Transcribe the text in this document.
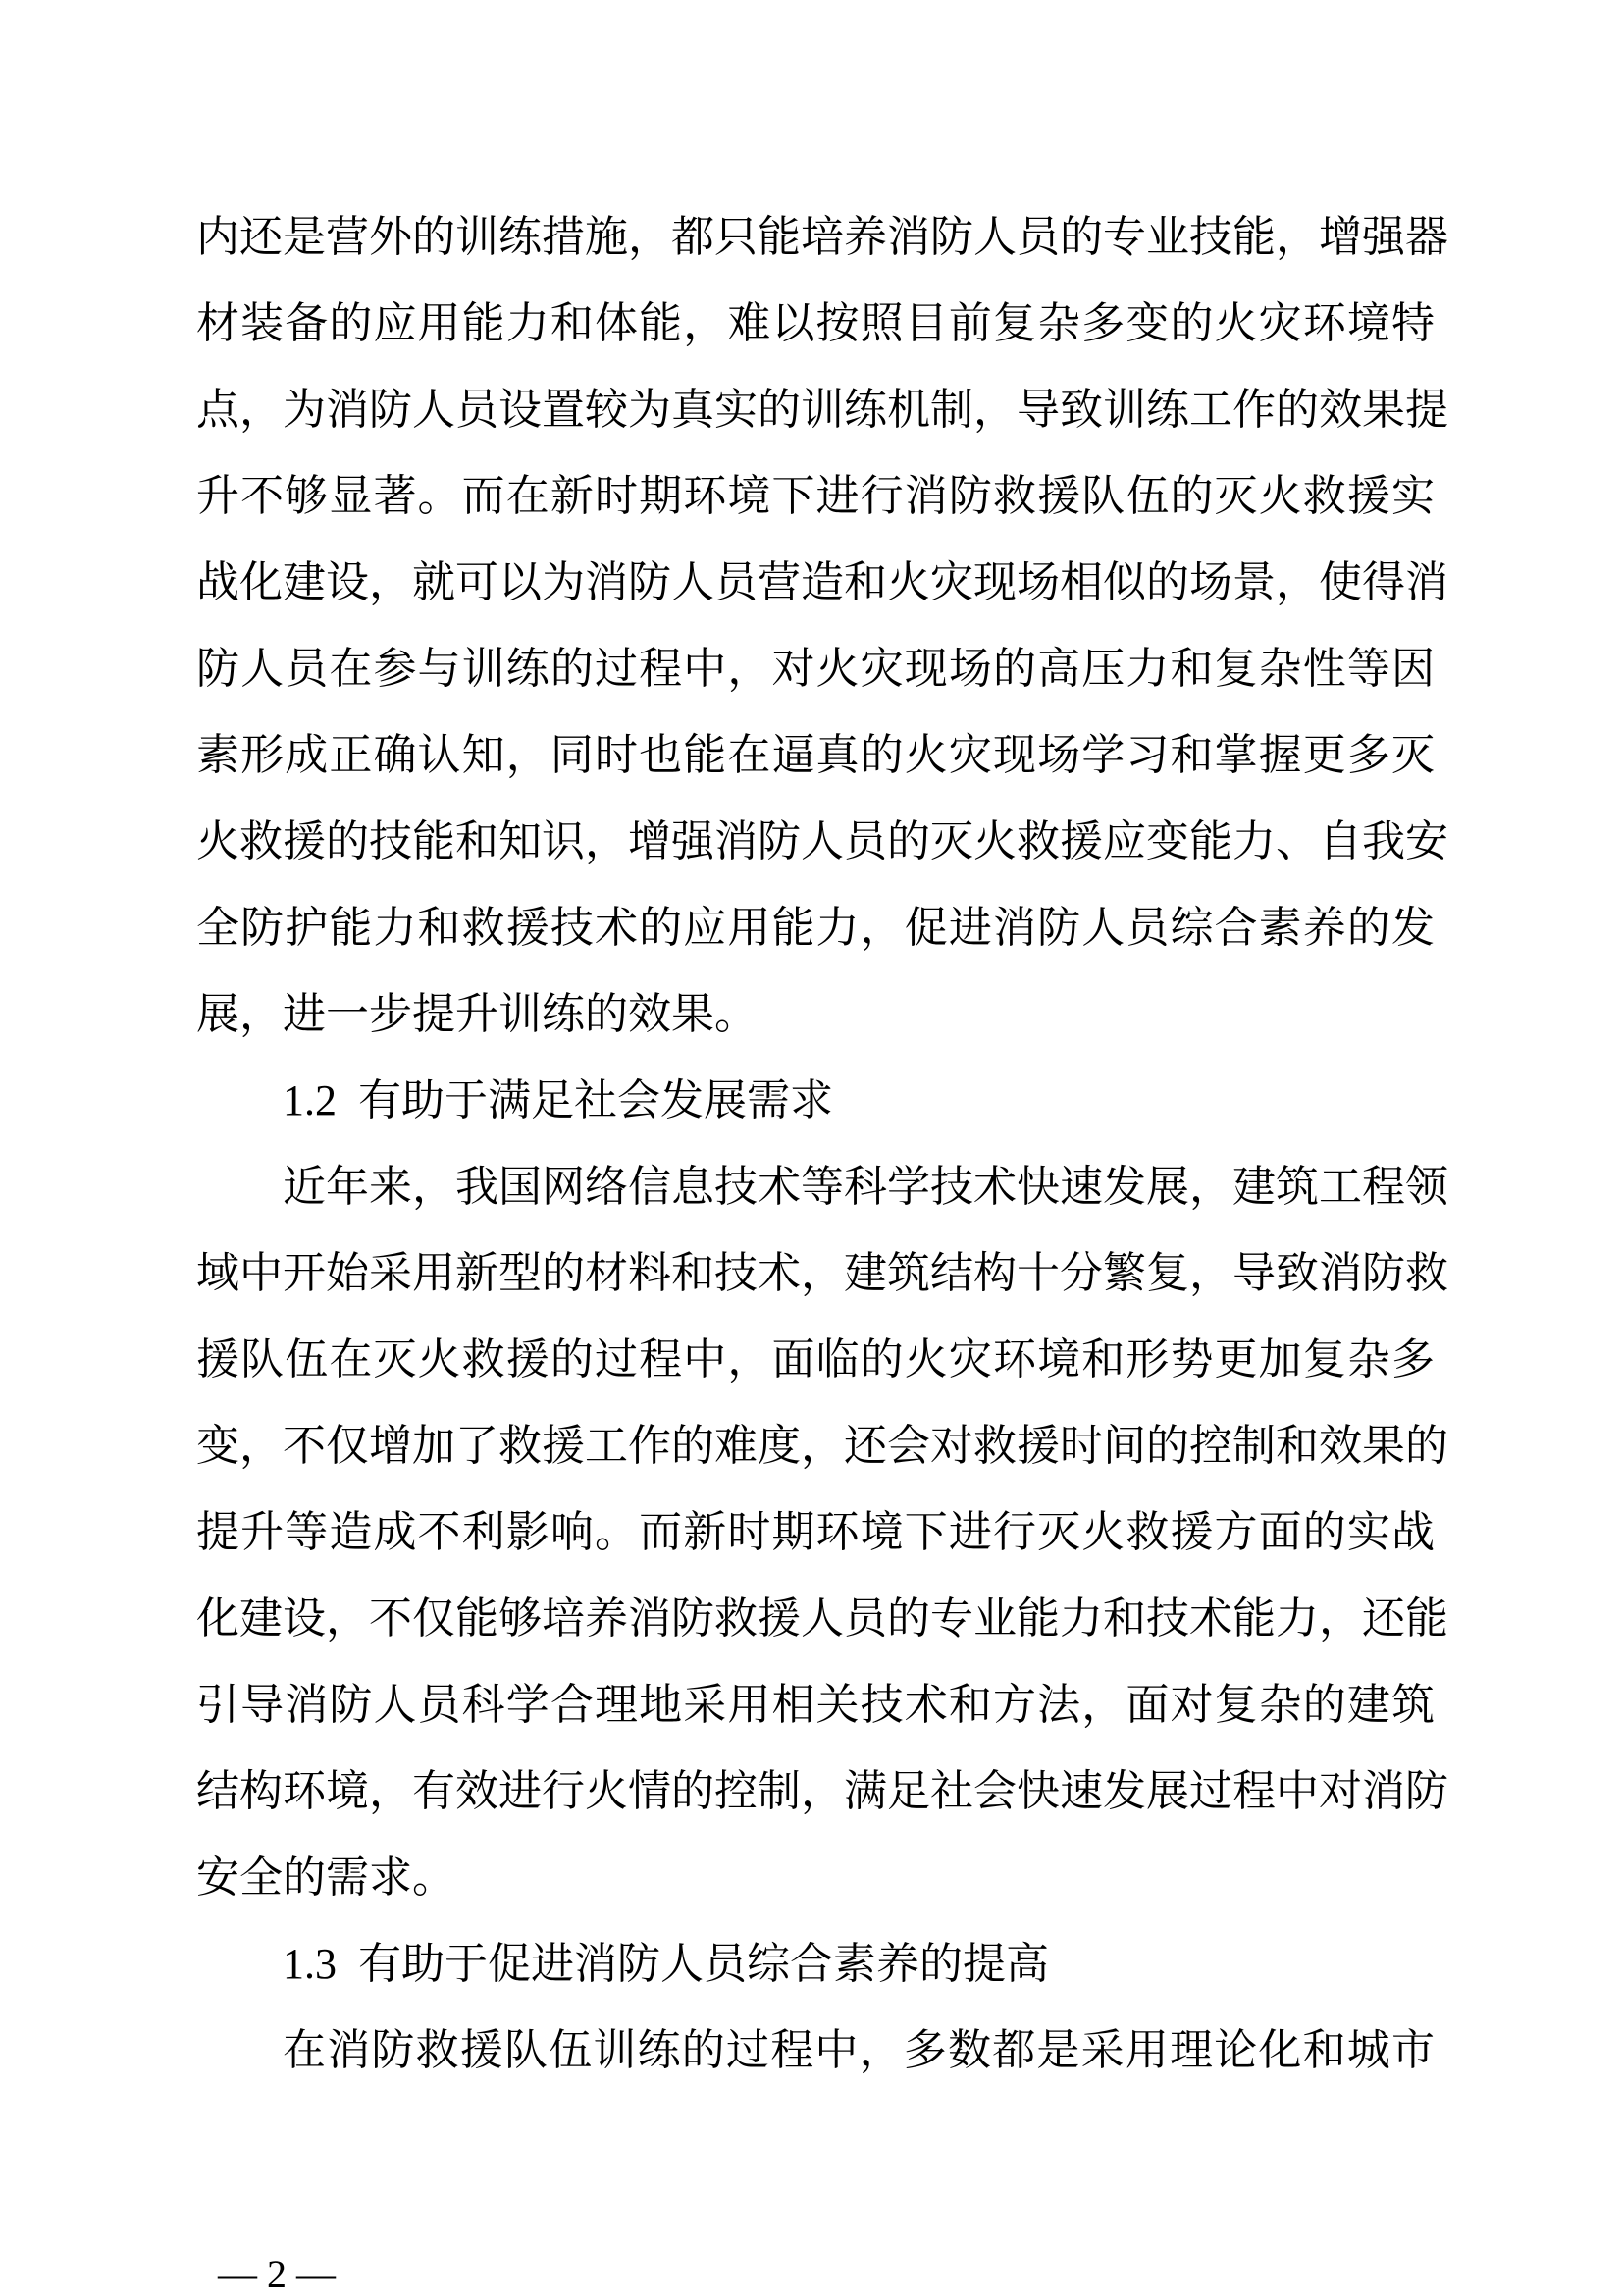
内还是营外的训练措施，都只能培养消防人员的专业技能，增强器
材装备的应用能力和体能，难以按照目前复杂多变的火灾环境特
点，为消防人员设置较为真实的训练机制，导致训练工作的效果提
升不够显著。而在新时期环境下进行消防救援队伍的灭火救援实
战化建设，就可以为消防人员营造和火灾现场相似的场景，使得消
防人员在参与训练的过程中，对火灾现场的高压力和复杂性等因
素形成正确认知，同时也能在逼真的火灾现场学习和掌握更多灭
火救援的技能和知识，增强消防人员的灭火救援应变能力、自我安
全防护能力和救援技术的应用能力，促进消防人员综合素养的发
展，进一步提升训练的效果。
1.2 有助于满足社会发展需求
近年来，我国网络信息技术等科学技术快速发展，建筑工程领
域中开始采用新型的材料和技术，建筑结构十分繁复，导致消防救
援队伍在灭火救援的过程中，面临的火灾环境和形势更加复杂多
变，不仅增加了救援工作的难度，还会对救援时间的控制和效果的
提升等造成不利影响。而新时期环境下进行灭火救援方面的实战
化建设，不仅能够培养消防救援人员的专业能力和技术能力，还能
引导消防人员科学合理地采用相关技术和方法，面对复杂的建筑
结构环境，有效进行火情的控制，满足社会快速发展过程中对消防
安全的需求。
1.3 有助于促进消防人员综合素养的提高
在消防救援队伍训练的过程中，多数都是采用理论化和城市
— 2 —
